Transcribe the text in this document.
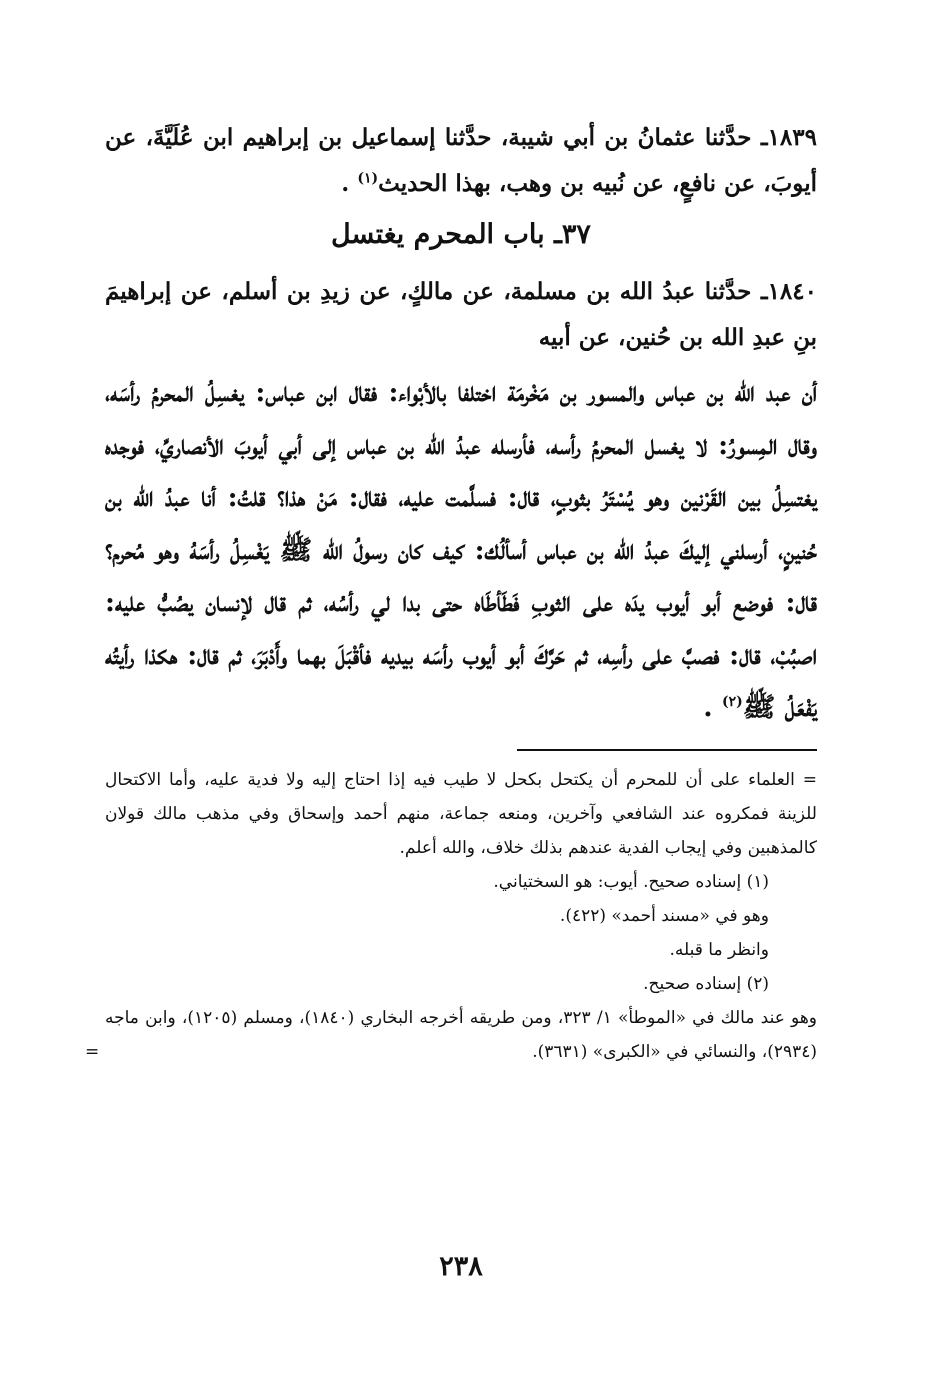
١٨٣٩ـ حدَّثنا عثمانُ بن أبي شيبة، حدَّثنا إسماعيل بن إبراهيم ابن عُلَيَّةَ، عن أيوبَ، عن نافعٍ، عن نُبيه بن وهب، بهذا الحديث$^{(١)}$ .

٣٧ـ باب المحرم يغتسل

١٨٤٠ـ حدَّثنا عبدُ الله بن مسلمة، عن مالكٍ، عن زيدِ بن أسلم، عن إبراهيمَ بنِ عبدِ الله بن حُنين، عن أبيه

أن عبد الله بن عباس والمسور بن مَخْرمَة اختلفا بالأبْواء: فقال ابن عباس: يغسِلُ المحرمُ رأسَه، وقال المِسورُ: لا يغسل المحرمُ رأسه، فأرسله عبدُ الله بن عباس إلى أبي أيوبَ الأنصاريِّ، فوجده يغتسِلُ بين القَرْنين وهو يُسْتَرُ بثوبٍ، قال: فسلَّمت عليه، فقال: مَنْ هذا؟ قلتُ: أنا عبدُ الله بن حُنينٍ، أرسلني إليكَ عبدُ الله بن عباس أسألُك: كيف كان رسولُ الله ﷺ يَغْسِلُ رأسَهُ وهو مُحرم؟ قال: فوضع أبو أيوب يدَه على الثوبِ فَطَأطَاه حتى بدا لي رأسُه، ثم قال لإنسان يصُبُّ عليه: اصبُبْ، قال: فصبَّ على رأسِه، ثم حَرَّكَ أبو أيوب رأسَه بيديه فأقْبَلَ بهما وأَدْبَرَ، ثم قال: هكذا رأيتُه يَفْعَلُ ﷺ$^{(٢)}$ .

= العلماء على أن للمحرم أن يكتحل بكحل لا طيب فيه إذا احتاج إليه ولا فدية عليه، وأما الاكتحال للزينة فمكروه عند الشافعي وآخرين، ومنعه جماعة، منهم أحمد وإسحاق وفي مذهب مالك قولان كالمذهبين وفي إيجاب الفدية عندهم بذلك خلاف، والله أعلم.

(١) إسناده صحيح. أيوب: هو السختياني.

وهو في «مسند أحمد» (٤٢٢).

وانظر ما قبله.

(٢) إسناده صحيح.

وهو عند مالك في «الموطأ» ١/ ٣٢٣، ومن طريقه أخرجه البخاري (١٨٤٠)، ومسلم (١٢٠٥)، وابن ماجه (٢٩٣٤)، والنسائي في «الكبرى» (٣٦٣١).
=

٢٣٨
